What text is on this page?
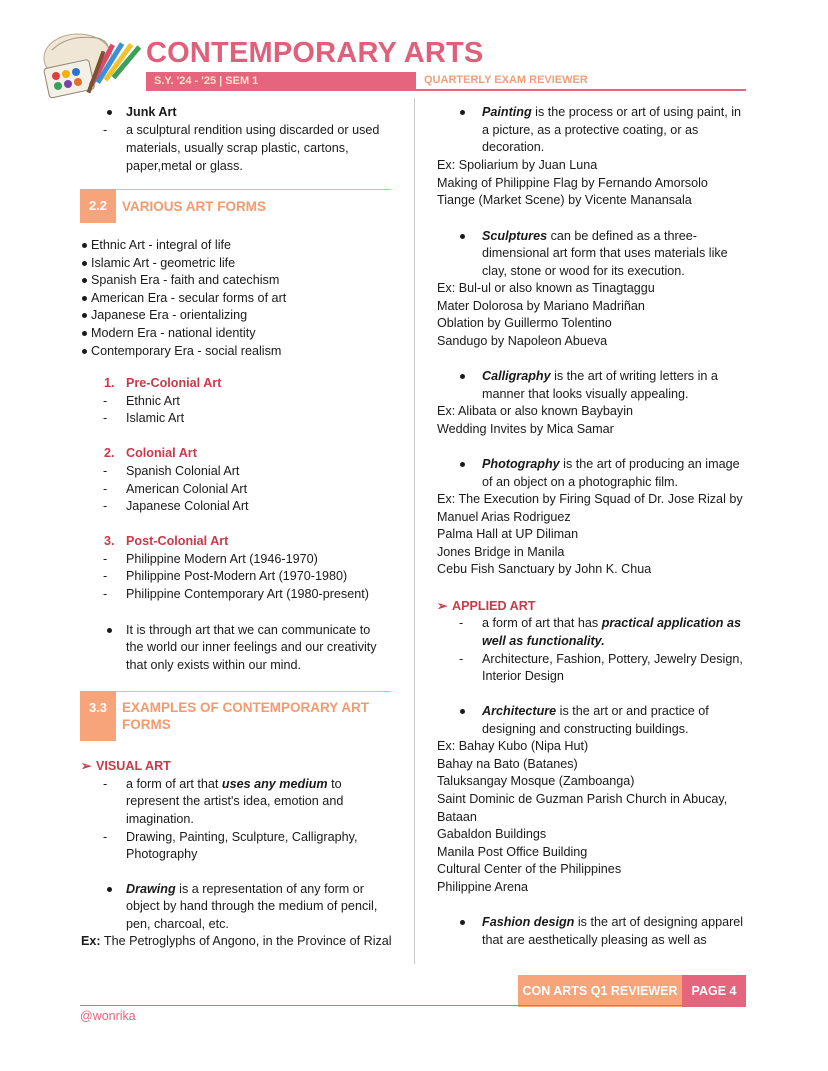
CONTEMPORARY ARTS
S.Y. '24 - '25 | SEM 1	QUARTERLY EXAM REVIEWER
Junk Art
- a sculptural rendition using discarded or used
materials, usually scrap plastic, cartons,
paper,metal or glass.
2.2	VARIOUS ART FORMS
Ethnic Art - integral of life
Islamic Art - geometric life
Spanish Era - faith and catechism
American Era - secular forms of art
Japanese Era - orientalizing
Modern Era - national identity
Contemporary Era - social realism
1. Pre-Colonial Art
- Ethnic Art
- Islamic Art
2. Colonial Art
- Spanish Colonial Art
- American Colonial Art
- Japanese Colonial Art
3. Post-Colonial Art
- Philippine Modern Art (1946-1970)
- Philippine Post-Modern Art (1970-1980)
- Philippine Contemporary Art (1980-present)
It is through art that we can communicate to
the world our inner feelings and our creativity
that only exists within our mind.
3.3	EXAMPLES OF CONTEMPORARY ART
FORMS
➢ VISUAL ART
- a form of art that uses any medium to
represent the artist's idea, emotion and
imagination.
- Drawing, Painting, Sculpture, Calligraphy,
Photography
Drawing is a representation of any form or
object by hand through the medium of pencil,
pen, charcoal, etc.
Ex: The Petroglyphs of Angono, in the Province of Rizal
Painting is the process or art of using paint, in
a picture, as a protective coating, or as
decoration.
Ex: Spoliarium by Juan Luna
Making of Philippine Flag by Fernando Amorsolo
Tiange (Market Scene) by Vicente Manansala
Sculptures can be defined as a three-
dimensional art form that uses materials like
clay, stone or wood for its execution.
Ex: Bul-ul or also known as Tinagtaggu
Mater Dolorosa by Mariano Madriñan
Oblation by Guillermo Tolentino
Sandugo by Napoleon Abueva
Calligraphy is the art of writing letters in a
manner that looks visually appealing.
Ex: Alibata or also known Baybayin
Wedding Invites by Mica Samar
Photography is the art of producing an image
of an object on a photographic film.
Ex: The Execution by Firing Squad of Dr. Jose Rizal by
Manuel Arias Rodriguez
Palma Hall at UP Diliman
Jones Bridge in Manila
Cebu Fish Sanctuary by John K. Chua
➢ APPLIED ART
- a form of art that has practical application as
well as functionality.
- Architecture, Fashion, Pottery, Jewelry Design,
Interior Design
Architecture is the art or and practice of
designing and constructing buildings.
Ex: Bahay Kubo (Nipa Hut)
Bahay na Bato (Batanes)
Taluksangay Mosque (Zamboanga)
Saint Dominic de Guzman Parish Church in Abucay,
Bataan
Gabaldon Buildings
Manila Post Office Building
Cultural Center of the Philippines
Philippine Arena
Fashion design is the art of designing apparel
that are aesthetically pleasing as well as
CON ARTS Q1 REVIEWER	PAGE 4
@wonrika
